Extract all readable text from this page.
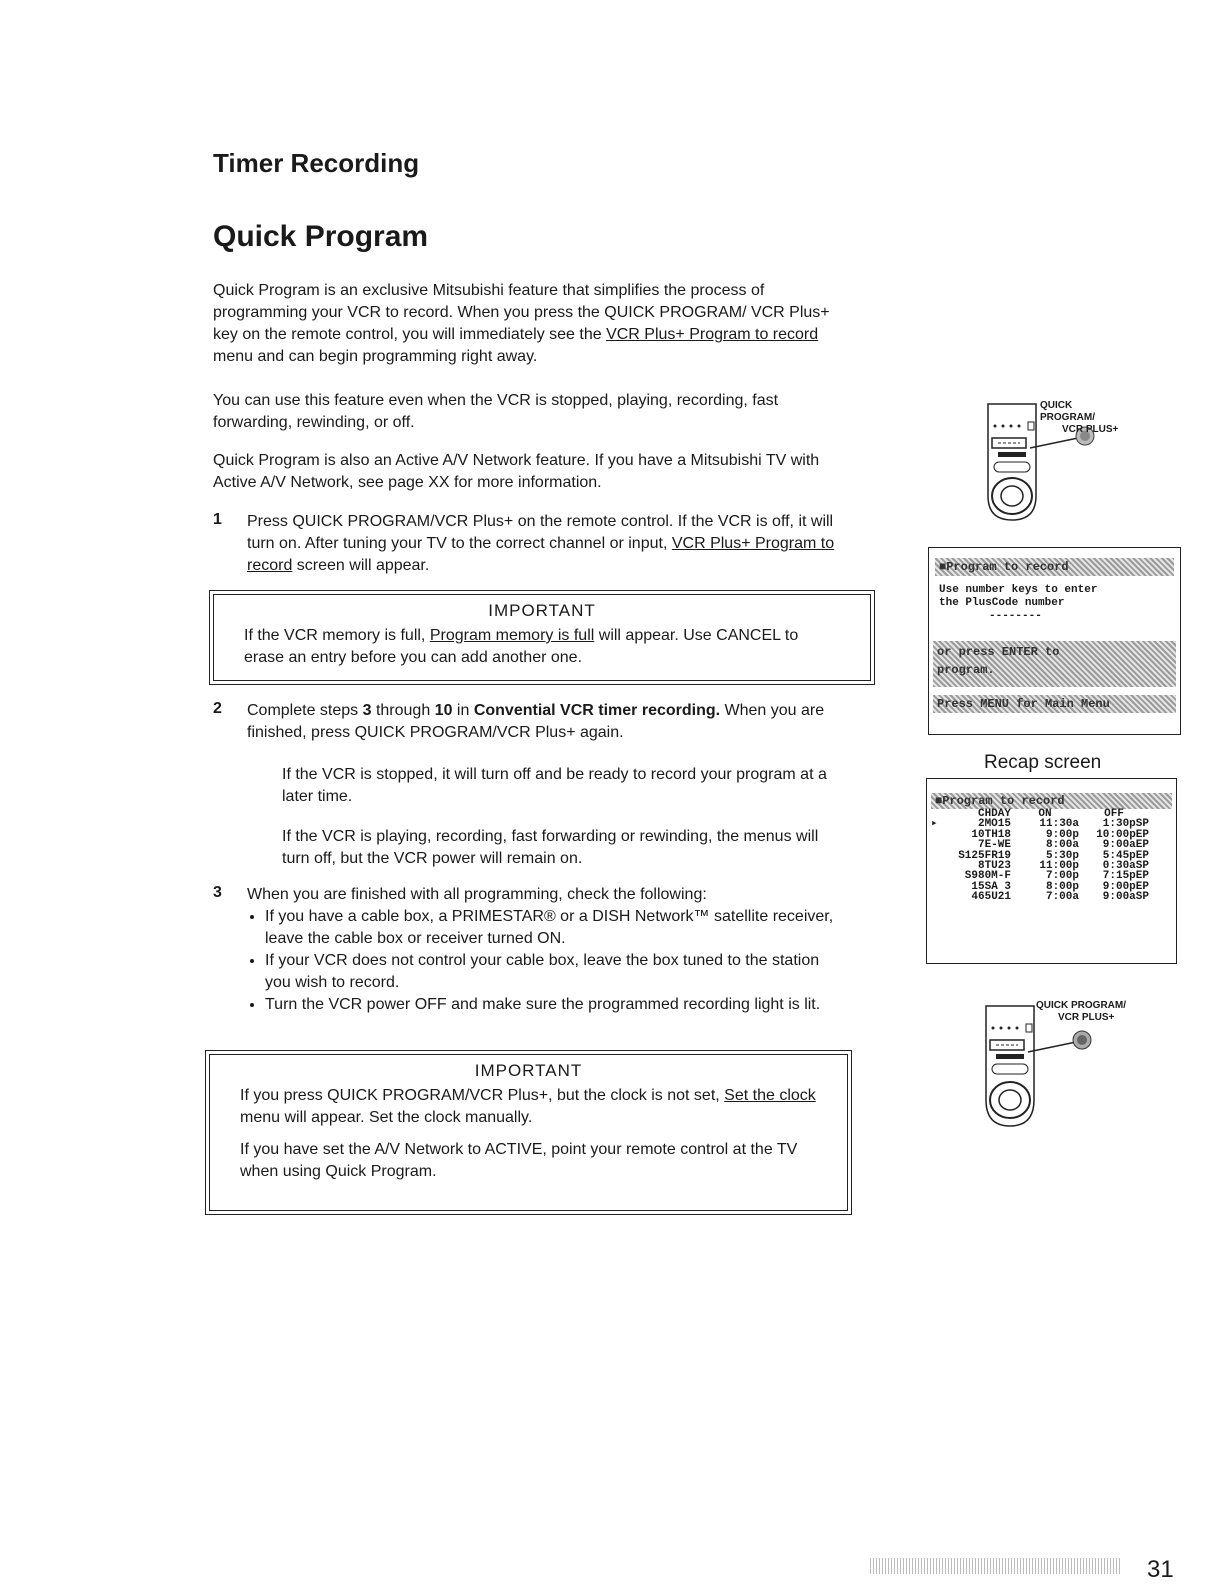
Timer Recording
Quick Program

Quick Program is an exclusive Mitsubishi feature that simplifies the process of programming your VCR to record. When you press the QUICK PROGRAM/ VCR Plus+ key on the remote control, you will immediately see the VCR Plus+ Program to record menu and can begin programming right away.

You can use this feature even when the VCR is stopped, playing, recording, fast forwarding, rewinding, or off.

Quick Program is also an Active A/V Network feature. If you have a Mitsubishi TV with Active A/V Network, see page XX for more information.

1 Press QUICK PROGRAM/VCR Plus+ on the remote control. If the VCR is off, it will turn on. After tuning your TV to the correct channel or input, VCR Plus+ Program to record screen will appear.

IMPORTANT

If the VCR memory is full, Program memory is full will appear. Use CANCEL to erase an entry before you can add another one.

2 Complete steps 3 through 10 in Convential VCR timer recording. When you are finished, press QUICK PROGRAM/VCR Plus+ again.

If the VCR is stopped, it will turn off and be ready to record your program at a later time.

If the VCR is playing, recording, fast forwarding or rewinding, the menus will turn off, but the VCR power will remain on.

3 When you are finished with all programming, check the following:

• If you have a cable box, a PRIMESTAR® or a DISH Network™ satellite receiver, leave the cable box or receiver turned ON.
• If your VCR does not control your cable box, leave the box tuned to the station you wish to record.
• Turn the VCR power OFF and make sure the programmed recording light is lit.

IMPORTANT

If you press QUICK PROGRAM/VCR Plus+, but the clock is not set, Set the clock menu will appear. Set the clock manually.

If you have set the A/V Network to ACTIVE, point your remote control at the TV when using Quick Program.

QUICK PROGRAM/
VCR PLUS+
■Program to record
Use number keys to enter
the PlusCode number
--------
or press ENTER to
program.
Press MENU for Main Menu
Recap screen
■Program to record
	CHDAY	ON	OFF
▸	2MO15	11:30a	1:30pSP
	10TH18	9:00p	10:00pEP
	7E-WE	8:00a	9:00aEP
	S125FR19	5:30p	5:45pEP
	8TU23	11:00p	0:30aSP
	S980M-F	7:00p	7:15pEP
	15SA 3	8:00p	9:00pEP
	465U21	7:00a	9:00aSP
QUICK PROGRAM/
VCR PLUS+
31
